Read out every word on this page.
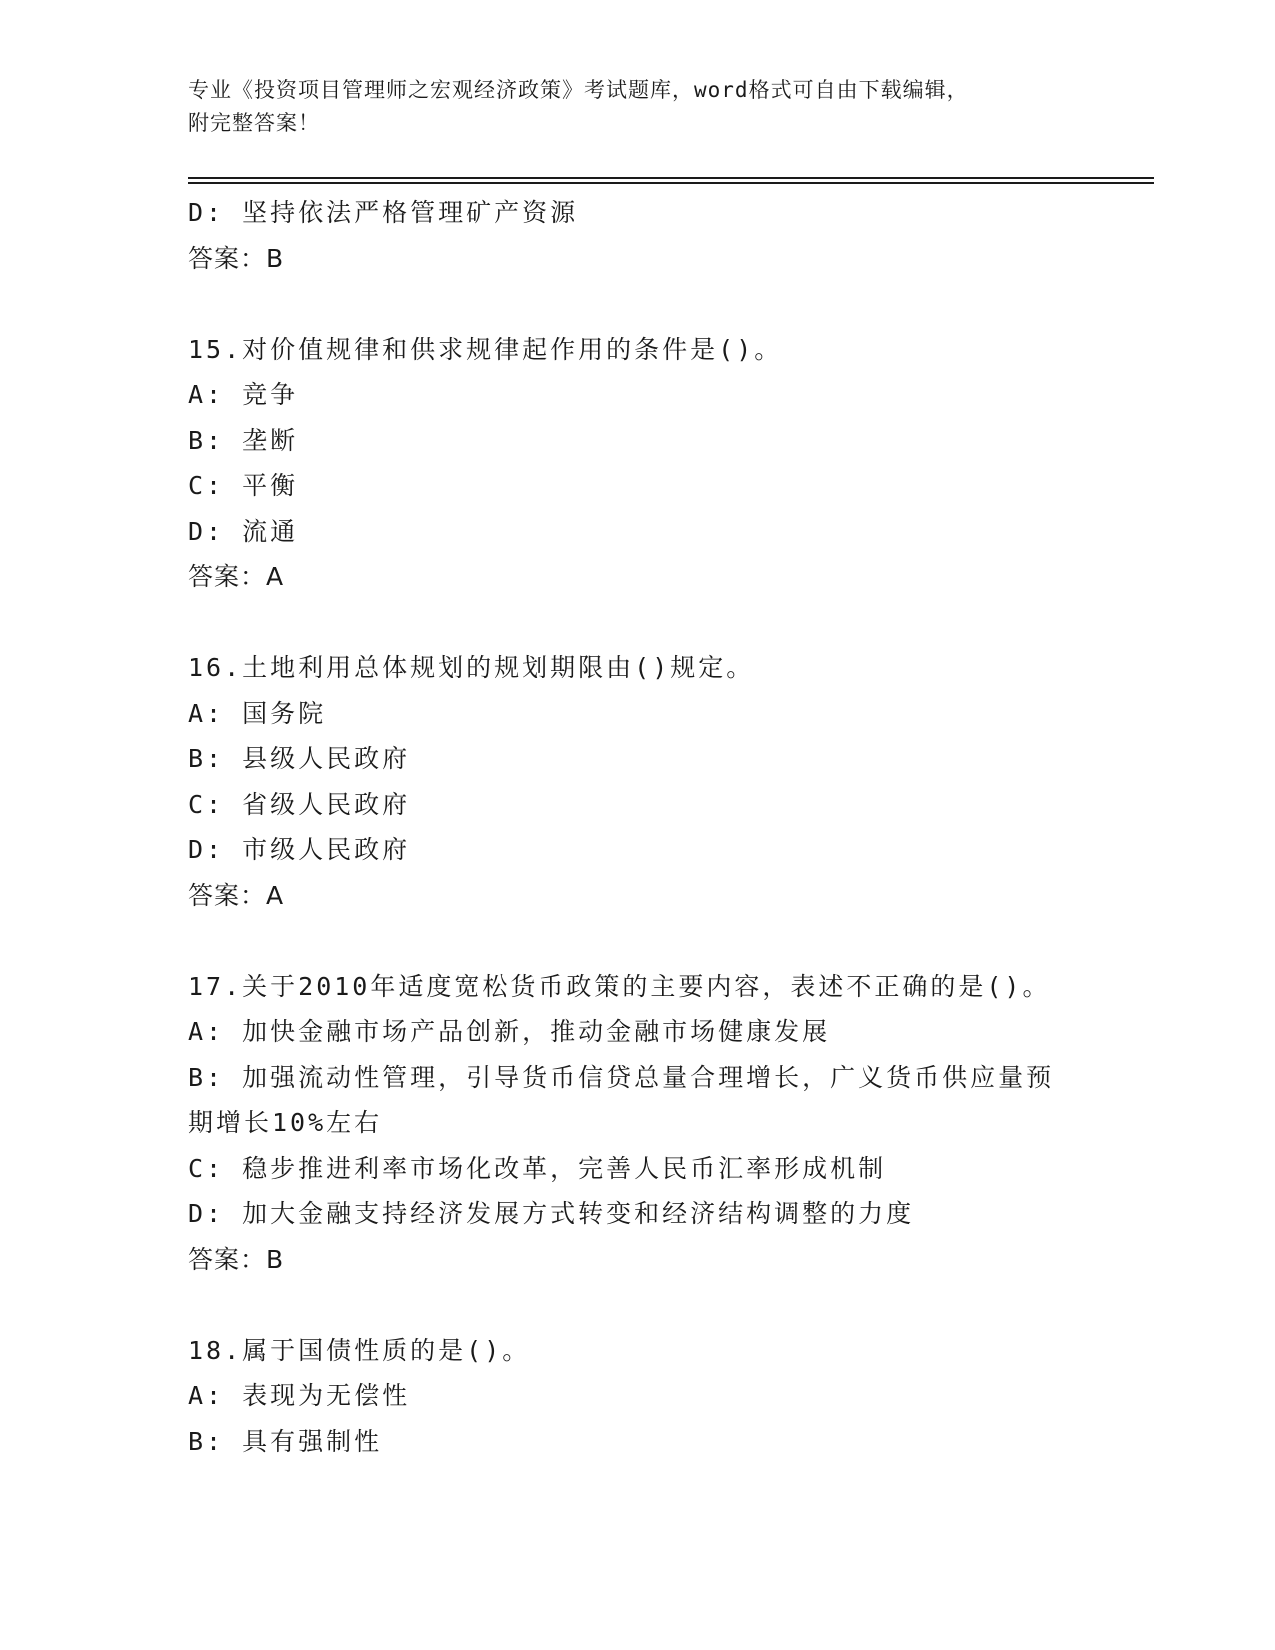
专业《投资项目管理师之宏观经济政策》考试题库，word格式可自由下载编辑，
附完整答案！
D: 坚持依法严格管理矿产资源
答案：B
15.对价值规律和供求规律起作用的条件是()。
A: 竞争
B: 垄断
C: 平衡
D: 流通
答案：A
16.土地利用总体规划的规划期限由()规定。
A: 国务院
B: 县级人民政府
C: 省级人民政府
D: 市级人民政府
答案：A
17.关于2010年适度宽松货币政策的主要内容，表述不正确的是()。
A: 加快金融市场产品创新，推动金融市场健康发展
B: 加强流动性管理，引导货币信贷总量合理增长，广义货币供应量预
期增长10%左右
C: 稳步推进利率市场化改革，完善人民币汇率形成机制
D: 加大金融支持经济发展方式转变和经济结构调整的力度
答案：B
18.属于国债性质的是()。
A: 表现为无偿性
B: 具有强制性
